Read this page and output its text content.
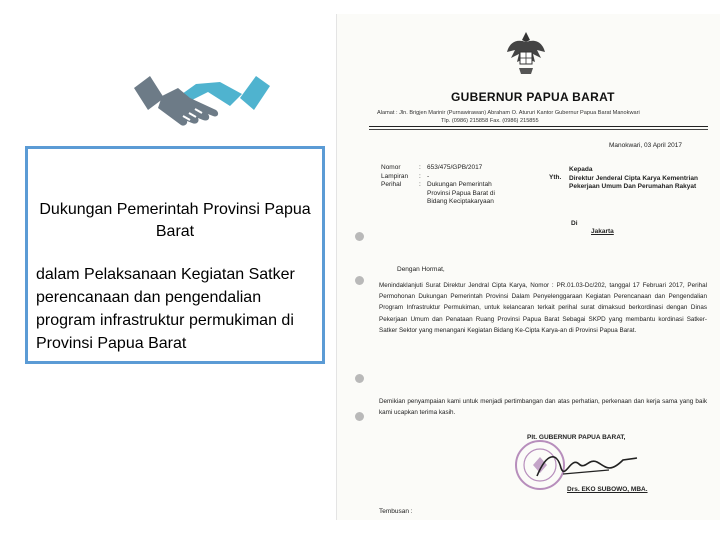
Dukungan Pemerintah Provinsi Papua Barat
dalam Pelaksanaan Kegiatan Satker perencanaan dan pengendalian program infrastruktur permukiman di Provinsi Papua Barat
GUBERNUR PAPUA BARAT
Alamat : Jln. Brigjen Marinir (Purnawirawan) Abraham O. Atururi Kantor Gubernur Papua Barat Manokwari
Tlp. (0986) 215858 Fax. (0986) 215855
Manokwari, 03 April 2017
Nomor	: 653/475/GPB/2017
Lampiran	: -
Perihal	: Dukungan Pemerintah Provinsi Papua Barat di Bidang Keciptakaryaan
Yth.
Kepada
Direktur Jenderal Cipta Karya Kementrian Pekerjaan Umum Dan Perumahan Rakyat
Di
Jakarta
Dengan Hormat,
Menindaklanjuti Surat Direktur Jendral Cipta Karya, Nomor : PR.01.03-Dc/202, tanggal 17 Februari 2017, Perihal Permohonan Dukungan Pemerintah Provinsi Dalam Penyelenggaraan Kegiatan Perencanaan dan Pengendalian Program Infrastruktur Permukiman, untuk kelancaran terkait perihal surat dimaksud berkordinasi dengan Dinas Pekerjaan Umum dan Penataan Ruang Provinsi Papua Barat Sebagai SKPD yang membantu kordinasi Satker-Satker Sektor yang menangani Kegiatan Bidang Ke-Cipta Karya-an di Provinsi Papua Barat.
Demikian penyampaian kami untuk menjadi pertimbangan dan atas perhatian, perkenaan dan kerja sama yang baik kami ucapkan terima kasih.
Plt. GUBERNUR PAPUA BARAT,
Drs. EKO SUBOWO, MBA.
Tembusan :
